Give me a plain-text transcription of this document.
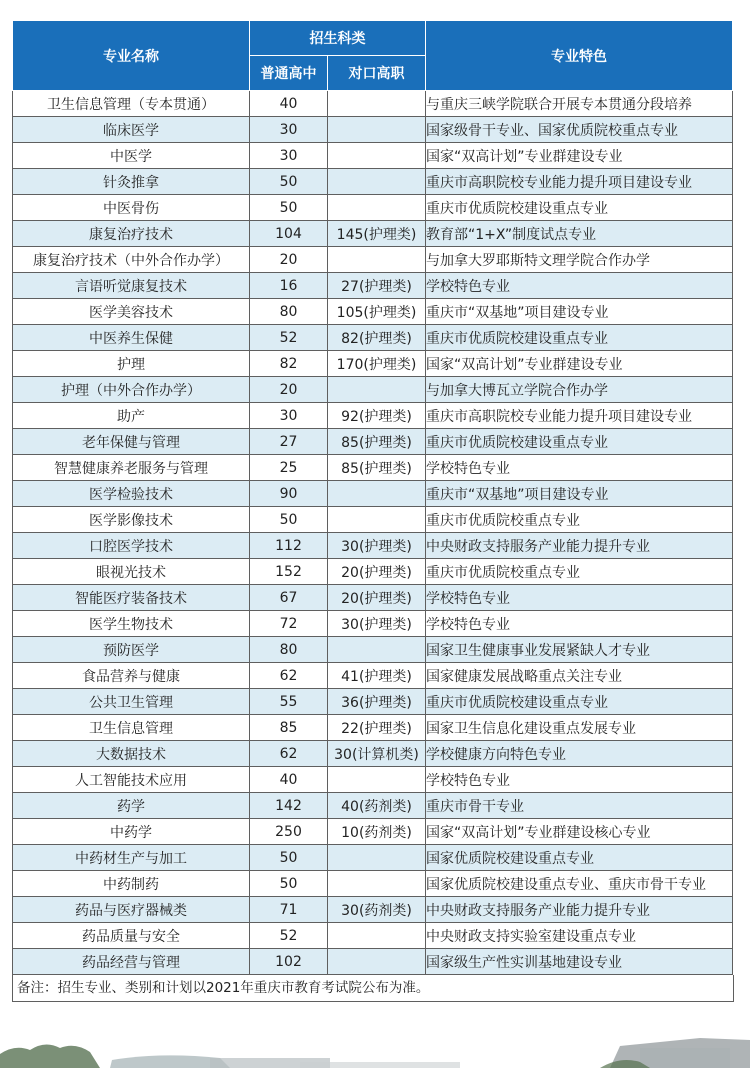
专业名称	招生科类		专业特色
	普通高中	对口高职	
卫生信息管理（专本贯通）	40		与重庆三峡学院联合开展专本贯通分段培养
临床医学	30		国家级骨干专业、国家优质院校重点专业
中医学	30		国家“双高计划”专业群建设专业
针灸推拿	50		重庆市高职院校专业能力提升项目建设专业
中医骨伤	50		重庆市优质院校建设重点专业
康复治疗技术	104	145(护理类)	教育部“1+X”制度试点专业
康复治疗技术（中外合作办学）	20		与加拿大罗耶斯特文理学院合作办学
言语听觉康复技术	16	27(护理类)	学校特色专业
医学美容技术	80	105(护理类)	重庆市“双基地”项目建设专业
中医养生保健	52	82(护理类)	重庆市优质院校建设重点专业
护理	82	170(护理类)	国家“双高计划”专业群建设专业
护理（中外合作办学）	20		与加拿大博瓦立学院合作办学
助产	30	92(护理类)	重庆市高职院校专业能力提升项目建设专业
老年保健与管理	27	85(护理类)	重庆市优质院校建设重点专业
智慧健康养老服务与管理	25	85(护理类)	学校特色专业
医学检验技术	90		重庆市“双基地”项目建设专业
医学影像技术	50		重庆市优质院校重点专业
口腔医学技术	112	30(护理类)	中央财政支持服务产业能力提升专业
眼视光技术	152	20(护理类)	重庆市优质院校重点专业
智能医疗装备技术	67	20(护理类)	学校特色专业
医学生物技术	72	30(护理类)	学校特色专业
预防医学	80		国家卫生健康事业发展紧缺人才专业
食品营养与健康	62	41(护理类)	国家健康发展战略重点关注专业
公共卫生管理	55	36(护理类)	重庆市优质院校建设重点专业
卫生信息管理	85	22(护理类)	国家卫生信息化建设重点发展专业
大数据技术	62	30(计算机类)	学校健康方向特色专业
人工智能技术应用	40		学校特色专业
药学	142	40(药剂类)	重庆市骨干专业
中药学	250	10(药剂类)	国家“双高计划”专业群建设核心专业
中药材生产与加工	50		国家优质院校建设重点专业
中药制药	50		国家优质院校建设重点专业、重庆市骨干专业
药品与医疗器械类	71	30(药剂类)	中央财政支持服务产业能力提升专业
药品质量与安全	52		中央财政支持实验室建设重点专业
药品经营与管理	102		国家级生产性实训基地建设专业
备注：招生专业、类别和计划以2021年重庆市教育考试院公布为准。
